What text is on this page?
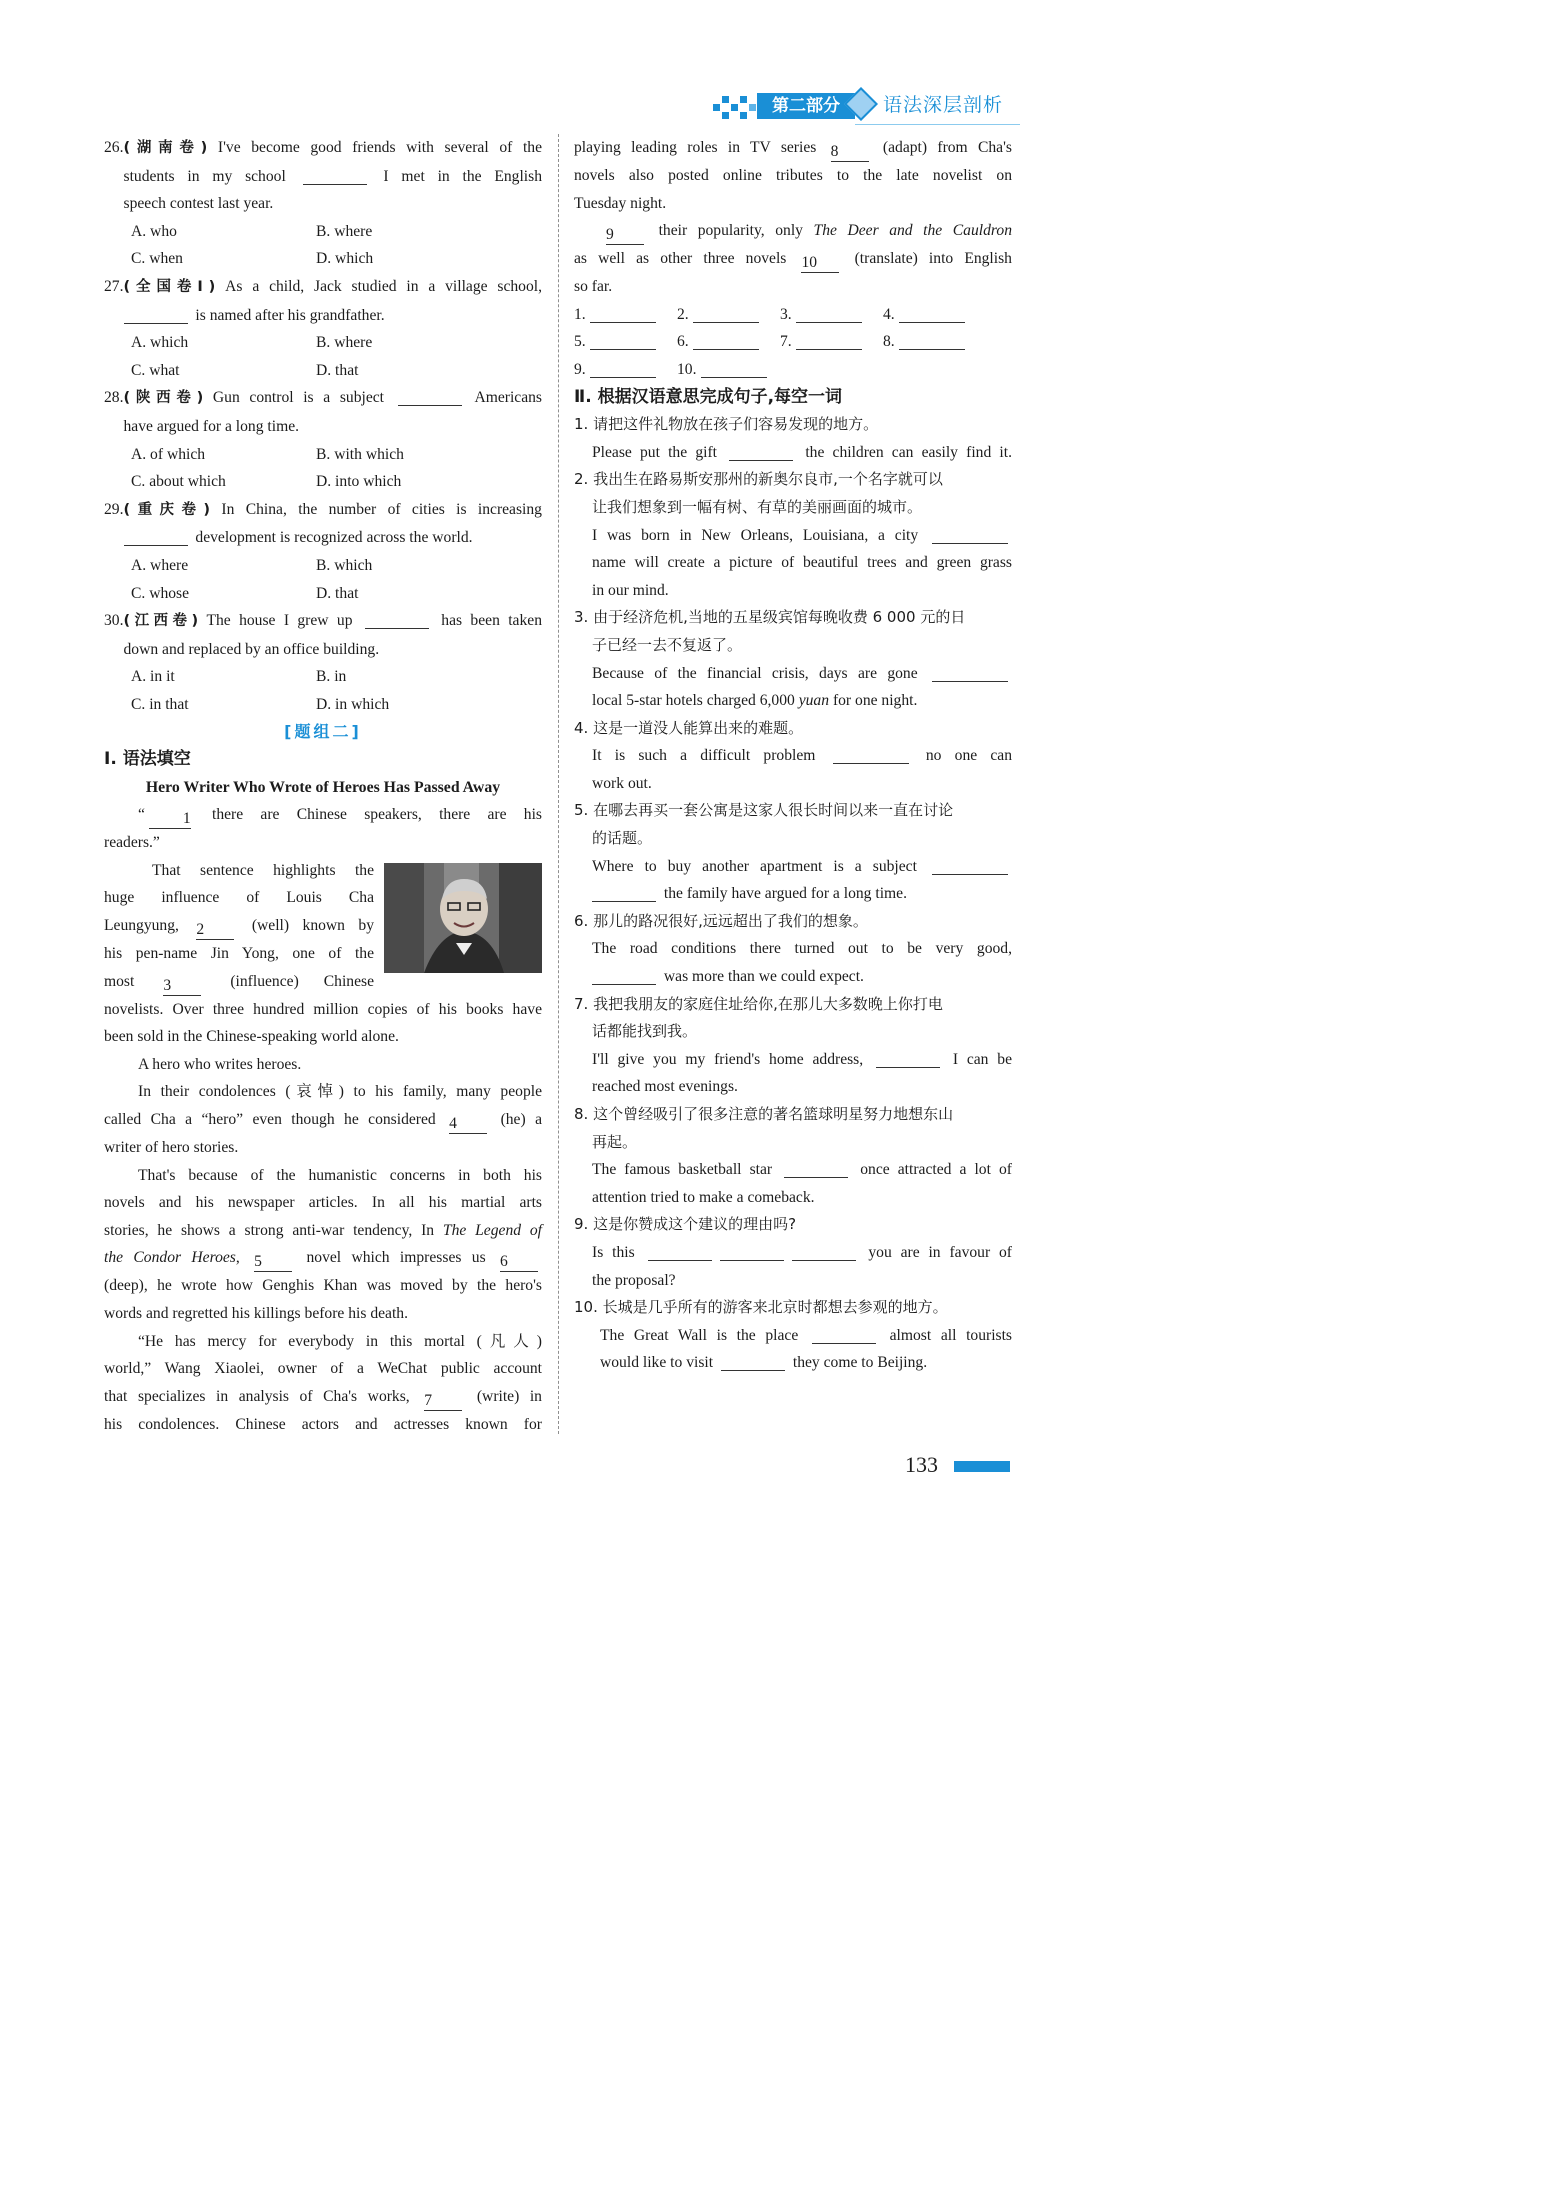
第二部分	语法深层剖析
26. (湖南卷) I've become good friends with several of the
students in my school	I met in the English
speech contest last year.
A. who	B. where
C. when	D. which
27. (全国卷Ⅰ) As a child, Jack studied in a village school,
is named after his grandfather.
A. which	B. where
C. what	D. that
28. (陕西卷) Gun control is a subject	Americans
have argued for a long time.
A. of which	B. with which
C. about which	D. into which
29. (重庆卷) In China, the number of cities is increasing
development is recognized across the world.
A. where	B. which
C. whose	D. that
30. (江西卷) The house I grew up	has been taken
down and replaced by an office building.
A. in it	B. in
C. in that	D. in which
[题组二]
Ⅰ. 语法填空
Hero Writer Who Wrote of Heroes Has Passed Away
“ 1 there are Chinese speakers, there are his
readers.”
That sentence highlights the
huge influence of Louis Cha
Leungyung, 2	(well) known by
his pen-name Jin Yong, one of the
most 3	(influence) Chinese
novelists. Over three hundred million copies of his books have
been sold in the Chinese-speaking world alone.
A hero who writes heroes.
In their condolences (哀悼) to his family, many people
called Cha a “hero” even though he considered 4	(he) a
writer of hero stories.
That's because of the humanistic concerns in both his
novels and his newspaper articles. In all his martial arts
stories, he shows a strong anti-war tendency, In The Legend of
the Condor Heroes, 5	novel which impresses us 6
(deep), he wrote how Genghis Khan was moved by the hero's
words and regretted his killings before his death.
“He has mercy for everybody in this mortal (凡人)
world,” Wang Xiaolei, owner of a WeChat public account
that specializes in analysis of Cha's works, 7	(write) in
his condolences. Chinese actors and actresses known for
playing leading roles in TV series 8	(adapt) from Cha's
novels also posted online tributes to the late novelist on
Tuesday night.
9	their popularity, only The Deer and the Cauldron
as well as other three novels 10 (translate) into English
so far.
1.	2.	3.	4.
5.	6.	7.	8.
9.	10.
Ⅱ. 根据汉语意思完成句子,每空一词
1. 请把这件礼物放在孩子们容易发现的地方。
Please put the gift	the children can easily find it.
2. 我出生在路易斯安那州的新奥尔良市,一个名字就可以
让我们想象到一幅有树、有草的美丽画面的城市。
I was born in New Orleans, Louisiana, a city
name will create a picture of beautiful trees and green grass
in our mind.
3. 由于经济危机,当地的五星级宾馆每晚收费 6 000 元的日
子已经一去不复返了。
Because of the financial crisis, days are gone
local 5-star hotels charged 6,000 yuan for one night.
4. 这是一道没人能算出来的难题。
It is such a difficult problem	no one can
work out.
5. 在哪去再买一套公寓是这家人很长时间以来一直在讨论
的话题。
Where to buy another apartment is a subject
the family have argued for a long time.
6. 那儿的路况很好,远远超出了我们的想象。
The road conditions there turned out to be very good,
was more than we could expect.
7. 我把我朋友的家庭住址给你,在那儿大多数晚上你打电
话都能找到我。
I'll give you my friend's home address,	I can be
reached most evenings.
8. 这个曾经吸引了很多注意的著名篮球明星努力地想东山
再起。
The famous basketball star	once attracted a lot of
attention tried to make a comeback.
9. 这是你赞成这个建议的理由吗?
Is this	you are in favour of
the proposal?
10. 长城是几乎所有的游客来北京时都想去参观的地方。
The Great Wall is the place	almost all tourists
would like to visit	they come to Beijing.
133
